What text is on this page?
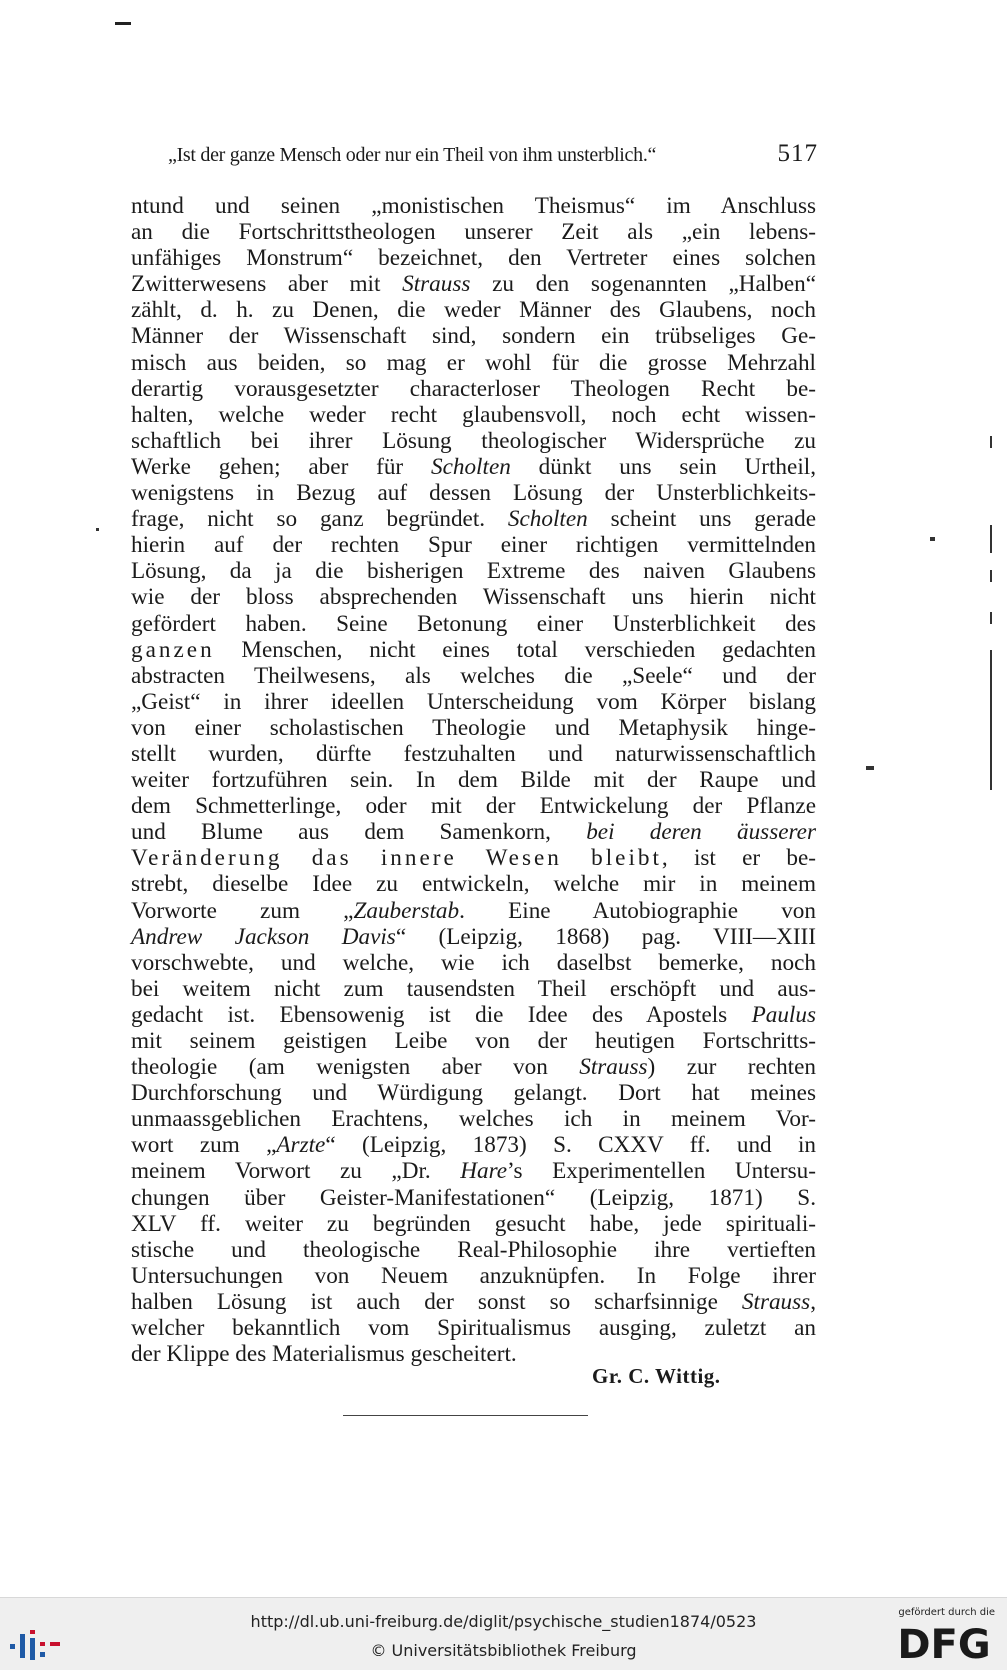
„Ist der ganze Mensch oder nur ein Theil von ihm unsterblich.“	517
ntund und seinen „monistischen Theismus“ im Anschluss
an die Fortschrittstheologen unserer Zeit als „ein lebens-
unfähiges Monstrum“ bezeichnet, den Vertreter eines solchen
Zwitterwesens aber mit Strauss zu den sogenannten „Halben“
zählt, d. h. zu Denen, die weder Männer des Glaubens, noch
Männer der Wissenschaft sind, sondern ein trübseliges Ge-
misch aus beiden, so mag er wohl für die grosse Mehrzahl
derartig vorausgesetzter characterloser Theologen Recht be-
halten, welche weder recht glaubensvoll, noch echt wissen-
schaftlich bei ihrer Lösung theologischer Widersprüche zu
Werke gehen; aber für Scholten dünkt uns sein Urtheil,
wenigstens in Bezug auf dessen Lösung der Unsterblichkeits-
frage, nicht so ganz begründet. Scholten scheint uns gerade
hierin auf der rechten Spur einer richtigen vermittelnden
Lösung, da ja die bisherigen Extreme des naiven Glaubens
wie der bloss absprechenden Wissenschaft uns hierin nicht
gefördert haben. Seine Betonung einer Unsterblichkeit des
ganzen Menschen, nicht eines total verschieden gedachten
abstracten Theilwesens, als welches die „Seele“ und der
„Geist“ in ihrer ideellen Unterscheidung vom Körper bislang
von einer scholastischen Theologie und Metaphysik hinge-
stellt wurden, dürfte festzuhalten und naturwissenschaftlich
weiter fortzuführen sein. In dem Bilde mit der Raupe und
dem Schmetterlinge, oder mit der Entwickelung der Pflanze
und Blume aus dem Samenkorn, bei deren äusserer
Veränderung das innere Wesen bleibt, ist er be-
strebt, dieselbe Idee zu entwickeln, welche mir in meinem
Vorworte zum „Zauberstab. Eine Autobiographie von
Andrew Jackson Davis“ (Leipzig, 1868) pag. VIII—XIII
vorschwebte, und welche, wie ich daselbst bemerke, noch
bei weitem nicht zum tausendsten Theil erschöpft und aus-
gedacht ist. Ebensowenig ist die Idee des Apostels Paulus
mit seinem geistigen Leibe von der heutigen Fortschritts-
theologie (am wenigsten aber von Strauss) zur rechten
Durchforschung und Würdigung gelangt. Dort hat meines
unmaassgeblichen Erachtens, welches ich in meinem Vor-
wort zum „Arzte“ (Leipzig, 1873) S. CXXV ff. und in
meinem Vorwort zu „Dr. Hare’s Experimentellen Untersu-
chungen über Geister-Manifestationen“ (Leipzig, 1871) S.
XLV ff. weiter zu begründen gesucht habe, jede spirituali-
stische und theologische Real-Philosophie ihre vertieften
Untersuchungen von Neuem anzuknüpfen. In Folge ihrer
halben Lösung ist auch der sonst so scharfsinnige Strauss,
welcher bekanntlich vom Spiritualismus ausging, zuletzt an
der Klippe des Materialismus gescheitert.
Gr. C. Wittig.
http://dl.ub.uni-freiburg.de/diglit/psychische_studien1874/0523
© Universitätsbibliothek Freiburg
gefördert durch die
DFG
